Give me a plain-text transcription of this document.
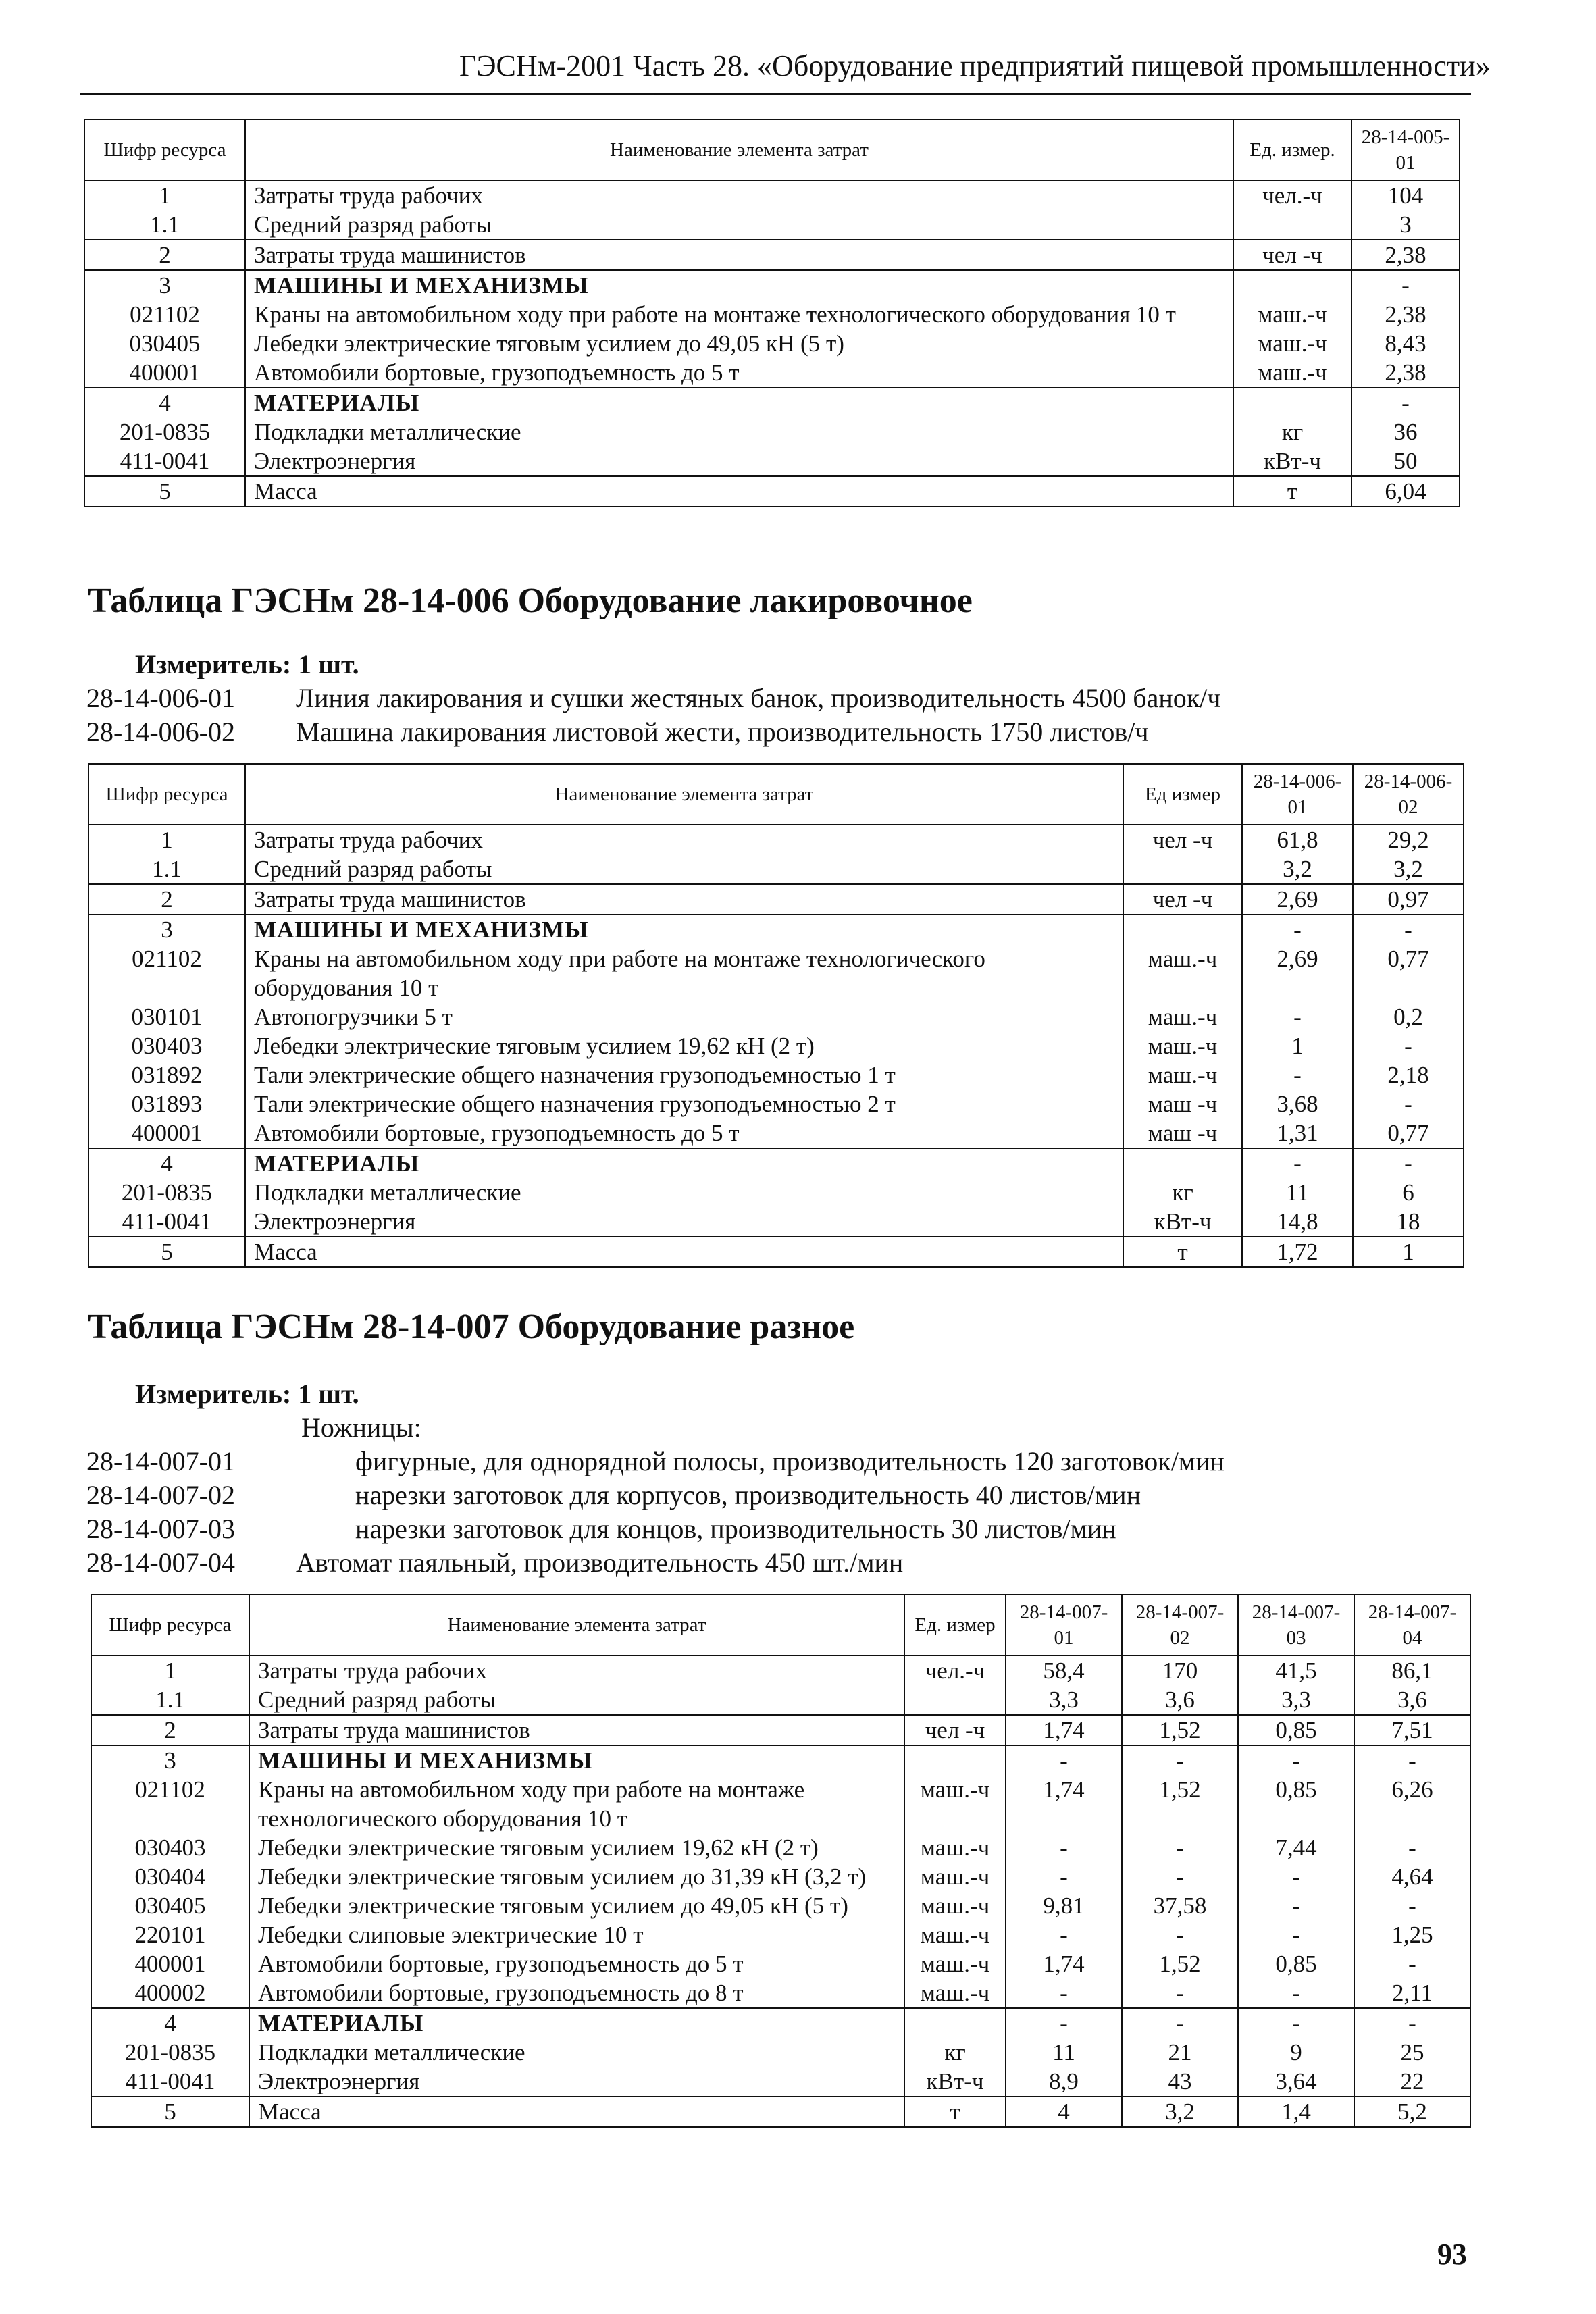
ГЭСНм-2001 Часть 28. «Оборудование предприятий пищевой промышленности»
Шифр ресурса	Наименование элемента затрат	Ед. измер.	28-14-005-01
1	Затраты труда рабочих	чел.-ч	104
1.1	Средний разряд работы		3
2	Затраты труда машинистов	чел -ч	2,38
3	МАШИНЫ И МЕХАНИЗМЫ		-
021102	Краны на автомобильном ходу при работе на монтаже технологического оборудования 10 т	маш.-ч	2,38
030405	Лебедки электрические тяговым усилием до 49,05 кН (5 т)	маш.-ч	8,43
400001	Автомобили бортовые, грузоподъемность до 5 т	маш.-ч	2,38
4	МАТЕРИАЛЫ		-
201-0835	Подкладки металлические	кг	36
411-0041	Электроэнергия	кВт-ч	50
5	Масса	т	6,04
Таблица ГЭСНм 28-14-006 Оборудование лакировочное
Измеритель: 1 шт.
28-14-006-01 Линия лакирования и сушки жестяных банок, производительность 4500 банок/ч
28-14-006-02 Машина лакирования листовой жести, производительность 1750 листов/ч
Шифр ресурса	Наименование элемента затрат	Ед измер	28-14-006-01	28-14-006-02
1	Затраты труда рабочих	чел -ч	61,8	29,2
1.1	Средний разряд работы		3,2	3,2
2	Затраты труда машинистов	чел -ч	2,69	0,97
3	МАШИНЫ И МЕХАНИЗМЫ		-	-
021102	Краны на автомобильном ходу при работе на монтаже технологического оборудования 10 т	маш.-ч	2,69	0,77
030101	Автопогрузчики 5 т	маш.-ч	-	0,2
030403	Лебедки электрические тяговым усилием 19,62 кН (2 т)	маш.-ч	1	-
031892	Тали электрические общего назначения грузоподъемностью 1 т	маш.-ч	-	2,18
031893	Тали электрические общего назначения грузоподъемностью 2 т	маш -ч	3,68	-
400001	Автомобили бортовые, грузоподъемность до 5 т	маш -ч	1,31	0,77
4	МАТЕРИАЛЫ		-	-
201-0835	Подкладки металлические	кг	11	6
411-0041	Электроэнергия	кВт-ч	14,8	18
5	Масса	т	1,72	1
Таблица ГЭСНм 28-14-007 Оборудование разное
Измеритель: 1 шт.
Ножницы:
28-14-007-01	фигурные, для однорядной полосы, производительность 120 заготовок/мин
28-14-007-02	нарезки заготовок для корпусов, производительность 40 листов/мин
28-14-007-03	нарезки заготовок для концов, производительность 30 листов/мин
28-14-007-04 Автомат паяльный, производительность 450 шт./мин
Шифр ресурса	Наименование элемента затрат	Ед. измер	28-14-007-01	28-14-007-02	28-14-007-03	28-14-007-04
1	Затраты труда рабочих	чел.-ч	58,4	170	41,5	86,1
1.1	Средний разряд работы		3,3	3,6	3,3	3,6
2	Затраты труда машинистов	чел -ч	1,74	1,52	0,85	7,51
3	МАШИНЫ И МЕХАНИЗМЫ		-	-	-	-
021102	Краны на автомобильном ходу при работе на монтаже технологического оборудования 10 т	маш.-ч	1,74	1,52	0,85	6,26
030403	Лебедки электрические тяговым усилием 19,62 кН (2 т)	маш.-ч	-	-	7,44	-
030404	Лебедки электрические тяговым усилием до 31,39 кН (3,2 т)	маш.-ч	-	-	-	4,64
030405	Лебедки электрические тяговым усилием до 49,05 кН (5 т)	маш.-ч	9,81	37,58	-	-
220101	Лебедки слиповые электрические 10 т	маш.-ч	-	-	-	1,25
400001	Автомобили бортовые, грузоподъемность до 5 т	маш.-ч	1,74	1,52	0,85	-
400002	Автомобили бортовые, грузоподъемность до 8 т	маш.-ч	-	-	-	2,11
4	МАТЕРИАЛЫ		-	-	-	-
201-0835	Подкладки металлические	кг	11	21	9	25
411-0041	Электроэнергия	кВт-ч	8,9	43	3,64	22
5	Масса	т	4	3,2	1,4	5,2
93
